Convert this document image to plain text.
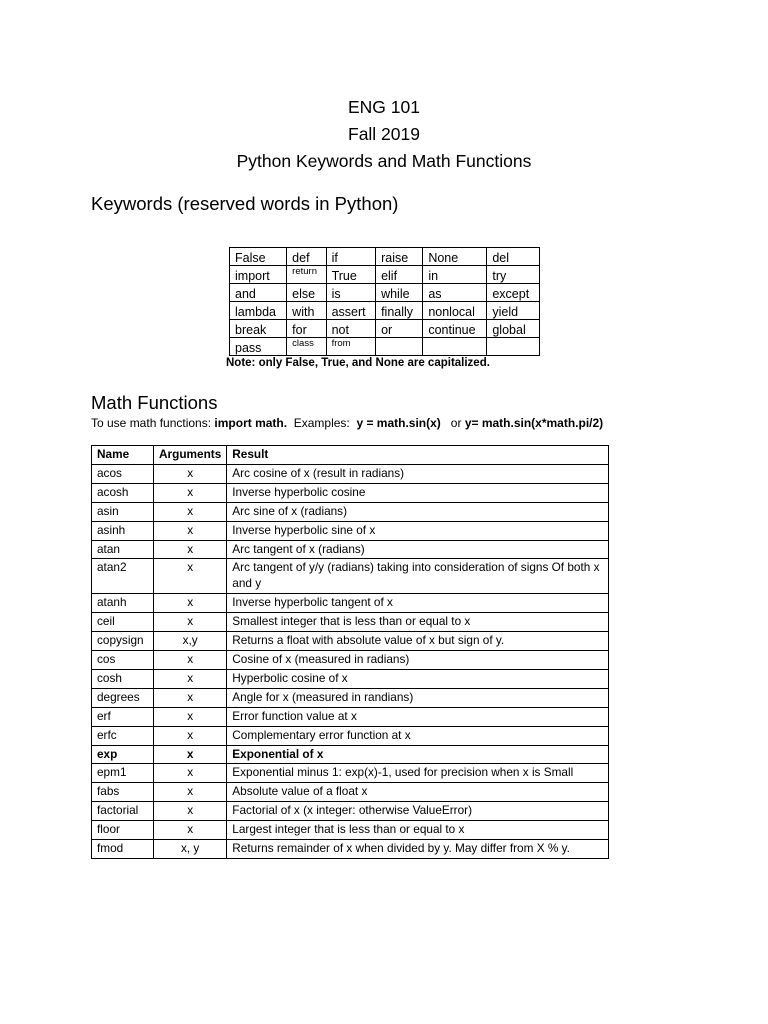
ENG 101
Fall 2019
Python Keywords and Math Functions
Keywords (reserved words in Python)
False	def	if	raise	None	del
import	return	True	elif	in	try
and	else	is	while	as	except
lambda	with	assert	finally	nonlocal	yield
break	for	not	or	continue	global
pass	class	from			
Note: only False, True, and None are capitalized.
Math Functions
To use math functions: import math.  Examples:  y = math.sin(x)   or y= math.sin(x*math.pi/2)
Name	Arguments	Result
acos	x	Arc cosine of x (result in radians)
acosh	x	Inverse hyperbolic cosine
asin	x	Arc sine of x (radians)
asinh	x	Inverse hyperbolic sine of x
atan	x	Arc tangent of x (radians)
atan2	x	Arc tangent of y/y (radians) taking into consideration of signs Of both x and y
atanh	x	Inverse hyperbolic tangent of x
ceil	x	Smallest integer that is less than or equal to x
copysign	x,y	Returns a float with absolute value of x but sign of y.
cos	x	Cosine of x (measured in radians)
cosh	x	Hyperbolic cosine of x
degrees	x	Angle for x (measured in randians)
erf	x	Error function value at x
erfc	x	Complementary error function at x
exp	x	Exponential of x
epm1	x	Exponential minus 1: exp(x)-1, used for precision when x is Small
fabs	x	Absolute value of a float x
factorial	x	Factorial of x (x integer: otherwise ValueError)
floor	x	Largest integer that is less than or equal to x
fmod	x, y	Returns remainder of x when divided by y. May differ from X % y.
